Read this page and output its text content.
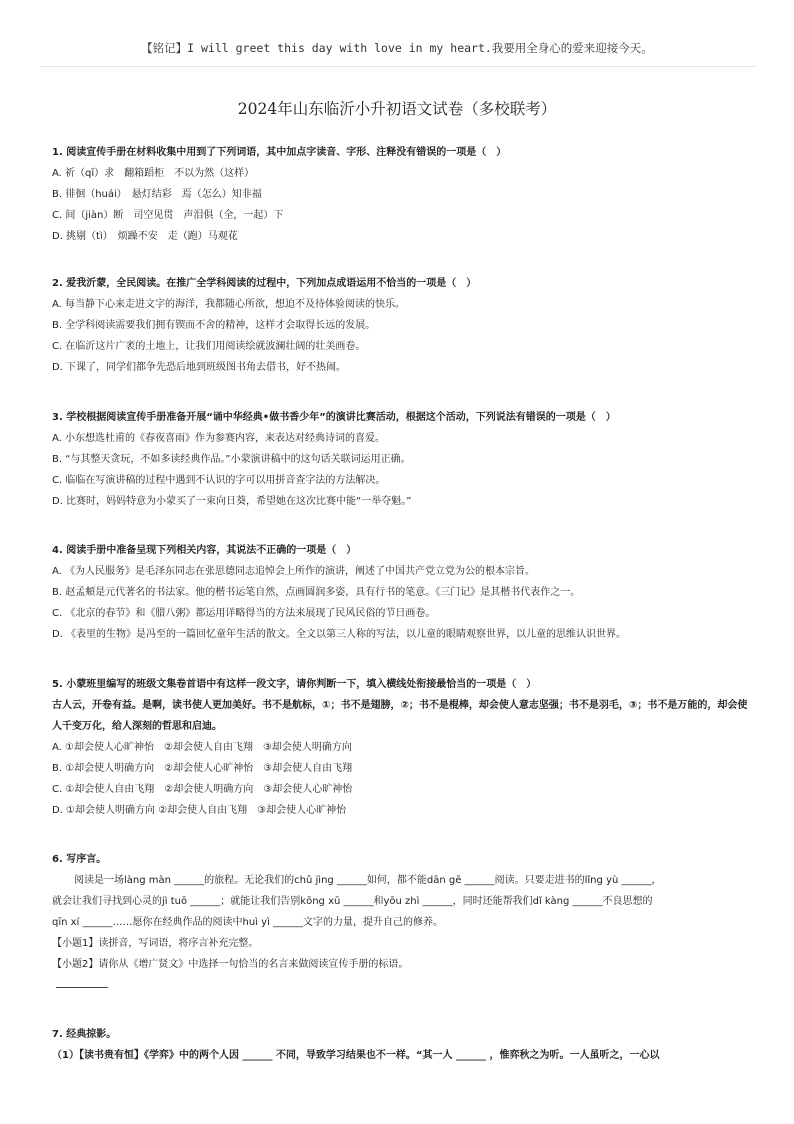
【铭记】I will greet this day with love in my heart.我要用全身心的爱来迎接今天。
2024年山东临沂小升初语文试卷（多校联考）
1. 阅读宣传手册在材料收集中用到了下列词语，其中加点字读音、字形、注释没有错误的一项是（　）
A. 祈（qī）求　翻箱蹈柜　不以为然（这样）
B. 徘徊（huái）　悬灯结彩　焉（怎么）知非福
C. 间（jiàn）断　司空见贯　声泪俱（全，一起）下
D. 挑剔（tì）　烦躁不安　走（跑）马观花
2. 爱我沂蒙，全民阅读。在推广全学科阅读的过程中，下列加点成语运用不恰当的一项是（　）
A. 每当静下心来走进文字的海洋，我都随心所欲，想迫不及待体验阅读的快乐。
B. 全学科阅读需要我们拥有锲而不舍的精神，这样才会取得长远的发展。
C. 在临沂这片广袤的土地上，让我们用阅读绘就波澜壮阔的壮美画卷。
D. 下课了，同学们都争先恐后地到班级图书角去借书，好不热闹。
3. 学校根据阅读宣传手册准备开展“诵中华经典•做书香少年”的演讲比赛活动，根据这个活动，下列说法有错误的一项是（　）
A. 小东想选杜甫的《春夜喜雨》作为参赛内容，来表达对经典诗词的喜爱。
B. “与其整天贪玩，不如多读经典作品。”小蒙演讲稿中的这句话关联词运用正确。
C. 临临在写演讲稿的过程中遇到不认识的字可以用拼音查字法的方法解决。
D. 比赛时，妈妈特意为小蒙买了一束向日葵，希望她在这次比赛中能“一举夺魁。”
4. 阅读手册中准备呈现下列相关内容，其说法不正确的一项是（　）
A. 《为人民服务》是毛泽东同志在张思德同志追悼会上所作的演讲，阐述了中国共产党立党为公的根本宗旨。
B. 赵孟頫是元代著名的书法家。他的楷书运笔自然，点画圆润多姿，具有行书的笔意。《三门记》是其楷书代表作之一。
C. 《北京的春节》和《腊八粥》都运用详略得当的方法来展现了民风民俗的节日画卷。
D. 《表里的生物》是冯至的一篇回忆童年生活的散文。全文以第三人称的写法，以儿童的眼睛观察世界，以儿童的思维认识世界。
5. 小蒙班里编写的班级文集卷首语中有这样一段文字，请你判断一下，填入横线处衔接最恰当的一项是（　）
古人云，开卷有益。是啊，读书使人更加美好。书不是航标，①；书不是翅膀，②；书不是棍棒，却会使人意志坚强；书不是羽毛，③；书不是万能的，却会使人千变万化，给人深刻的哲思和启迪。
A. ①却会使人心旷神怡　②却会使人自由飞翔　③却会使人明确方向
B. ①却会使人明确方向　②却会使人心旷神怡　③却会使人自由飞翔
C. ①却会使人自由飞翔　②却会使人明确方向　③却会使人心旷神怡
D. ①却会使人明确方向 ②却会使人自由飞翔　③却会使人心旷神怡
6. 写序言。
阅读是一场làng màn ______的旅程。无论我们的chǔ jìng ______如何，都不能dān gē ______阅读。只要走进书的lǐng yù ______，
就会让我们寻找到心灵的jì tuō ______；就能让我们告别kōng xū ______和yōu zhì ______，同时还能帮我们dǐ kàng ______不良思想的
qīn xí ______……愿你在经典作品的阅读中huì yì ______文字的力量，提升自己的修养。
【小题1】读拼音，写词语，将序言补充完整。
【小题2】请你从《增广贤文》中选择一句恰当的名言来做阅读宣传手册的标语。
7. 经典掠影。
（1）【读书贵有恒】《学弈》中的两个人因 ______ 不同，导致学习结果也不一样。“其一人 ______ ，惟弈秋之为听。一人虽听之，一心以
